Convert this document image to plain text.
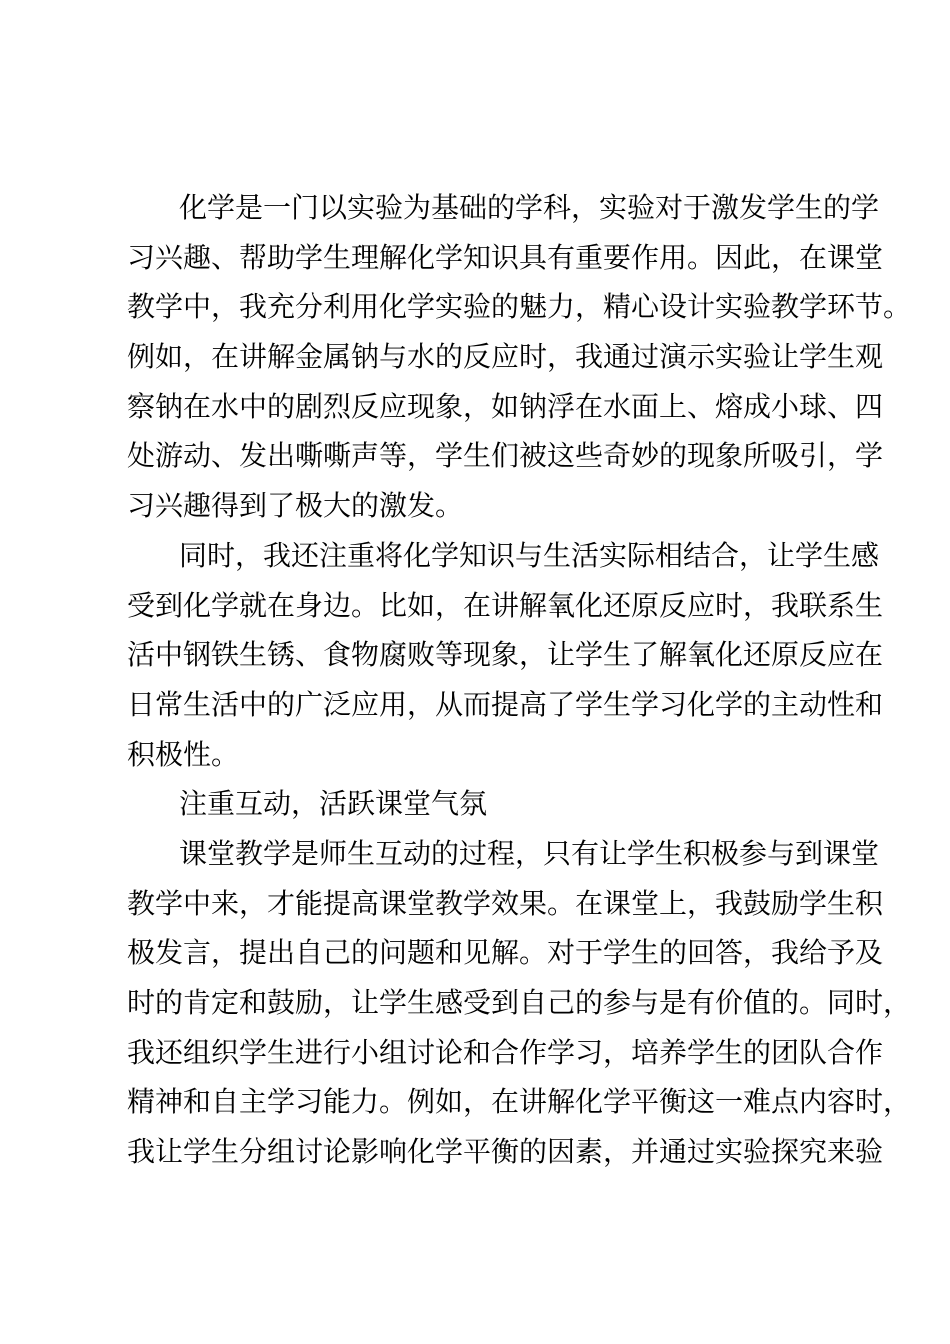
化学是一门以实验为基础的学科，实验对于激发学生的学
习兴趣、帮助学生理解化学知识具有重要作用。因此，在课堂
教学中，我充分利用化学实验的魅力，精心设计实验教学环节。
例如，在讲解金属钠与水的反应时，我通过演示实验让学生观
察钠在水中的剧烈反应现象，如钠浮在水面上、熔成小球、四
处游动、发出嘶嘶声等，学生们被这些奇妙的现象所吸引，学
习兴趣得到了极大的激发。
同时，我还注重将化学知识与生活实际相结合，让学生感
受到化学就在身边。比如，在讲解氧化还原反应时，我联系生
活中钢铁生锈、食物腐败等现象，让学生了解氧化还原反应在
日常生活中的广泛应用，从而提高了学生学习化学的主动性和
积极性。
注重互动，活跃课堂气氛
课堂教学是师生互动的过程，只有让学生积极参与到课堂
教学中来，才能提高课堂教学效果。在课堂上，我鼓励学生积
极发言，提出自己的问题和见解。对于学生的回答，我给予及
时的肯定和鼓励，让学生感受到自己的参与是有价值的。同时，
我还组织学生进行小组讨论和合作学习，培养学生的团队合作
精神和自主学习能力。例如，在讲解化学平衡这一难点内容时，
我让学生分组讨论影响化学平衡的因素，并通过实验探究来验
